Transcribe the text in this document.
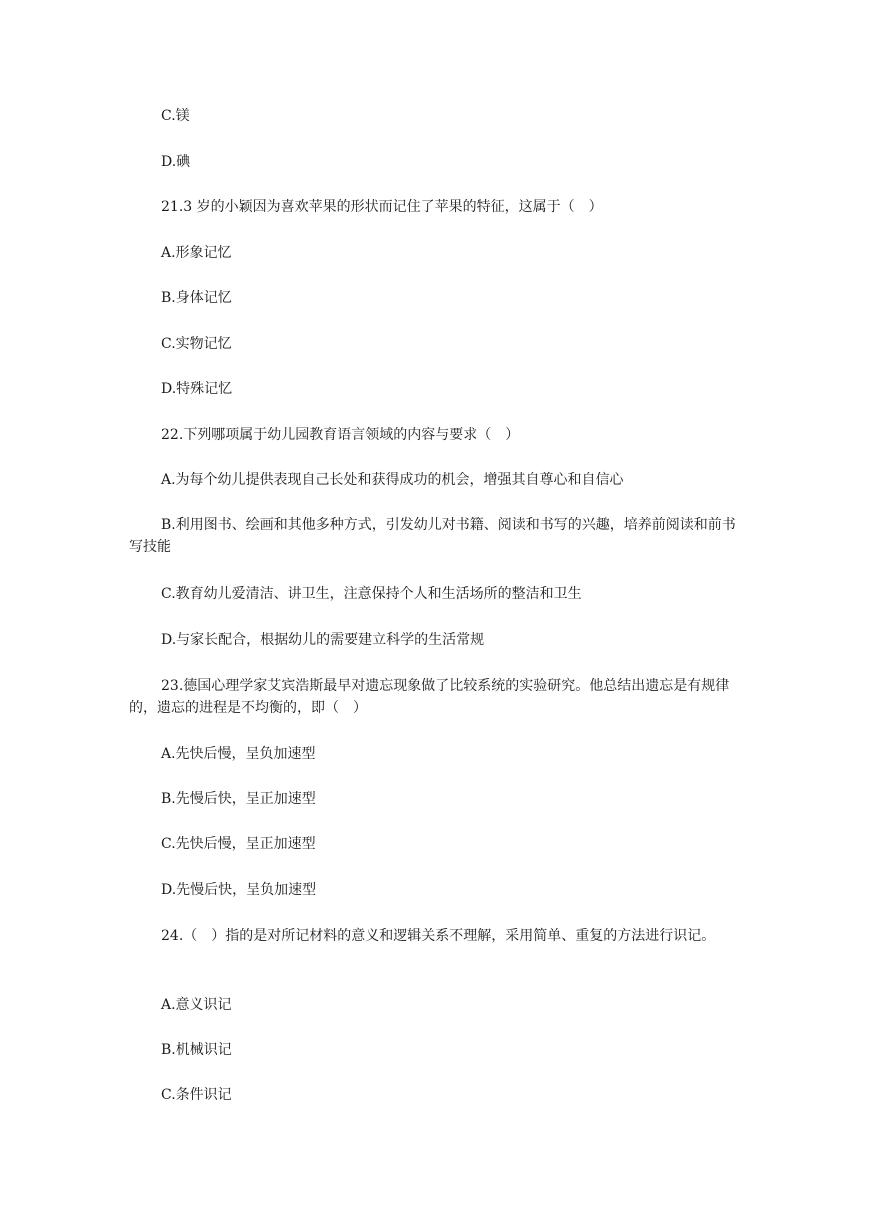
C.镁
D.碘
21.3 岁的小颖因为喜欢苹果的形状而记住了苹果的特征，这属于（　）
A.形象记忆
B.身体记忆
C.实物记忆
D.特殊记忆
22.下列哪项属于幼儿园教育语言领域的内容与要求（　）
A.为每个幼儿提供表现自己长处和获得成功的机会，增强其自尊心和自信心
B.利用图书、绘画和其他多种方式，引发幼儿对书籍、阅读和书写的兴趣，培养前阅读和前书写技能
C.教育幼儿爱清洁、讲卫生，注意保持个人和生活场所的整洁和卫生
D.与家长配合，根据幼儿的需要建立科学的生活常规
23.德国心理学家艾宾浩斯最早对遗忘现象做了比较系统的实验研究。他总结出遗忘是有规律的，遗忘的进程是不均衡的，即（　）
A.先快后慢，呈负加速型
B.先慢后快，呈正加速型
C.先快后慢，呈正加速型
D.先慢后快，呈负加速型
24.（　）指的是对所记材料的意义和逻辑关系不理解，采用简单、重复的方法进行识记。
A.意义识记
B.机械识记
C.条件识记
